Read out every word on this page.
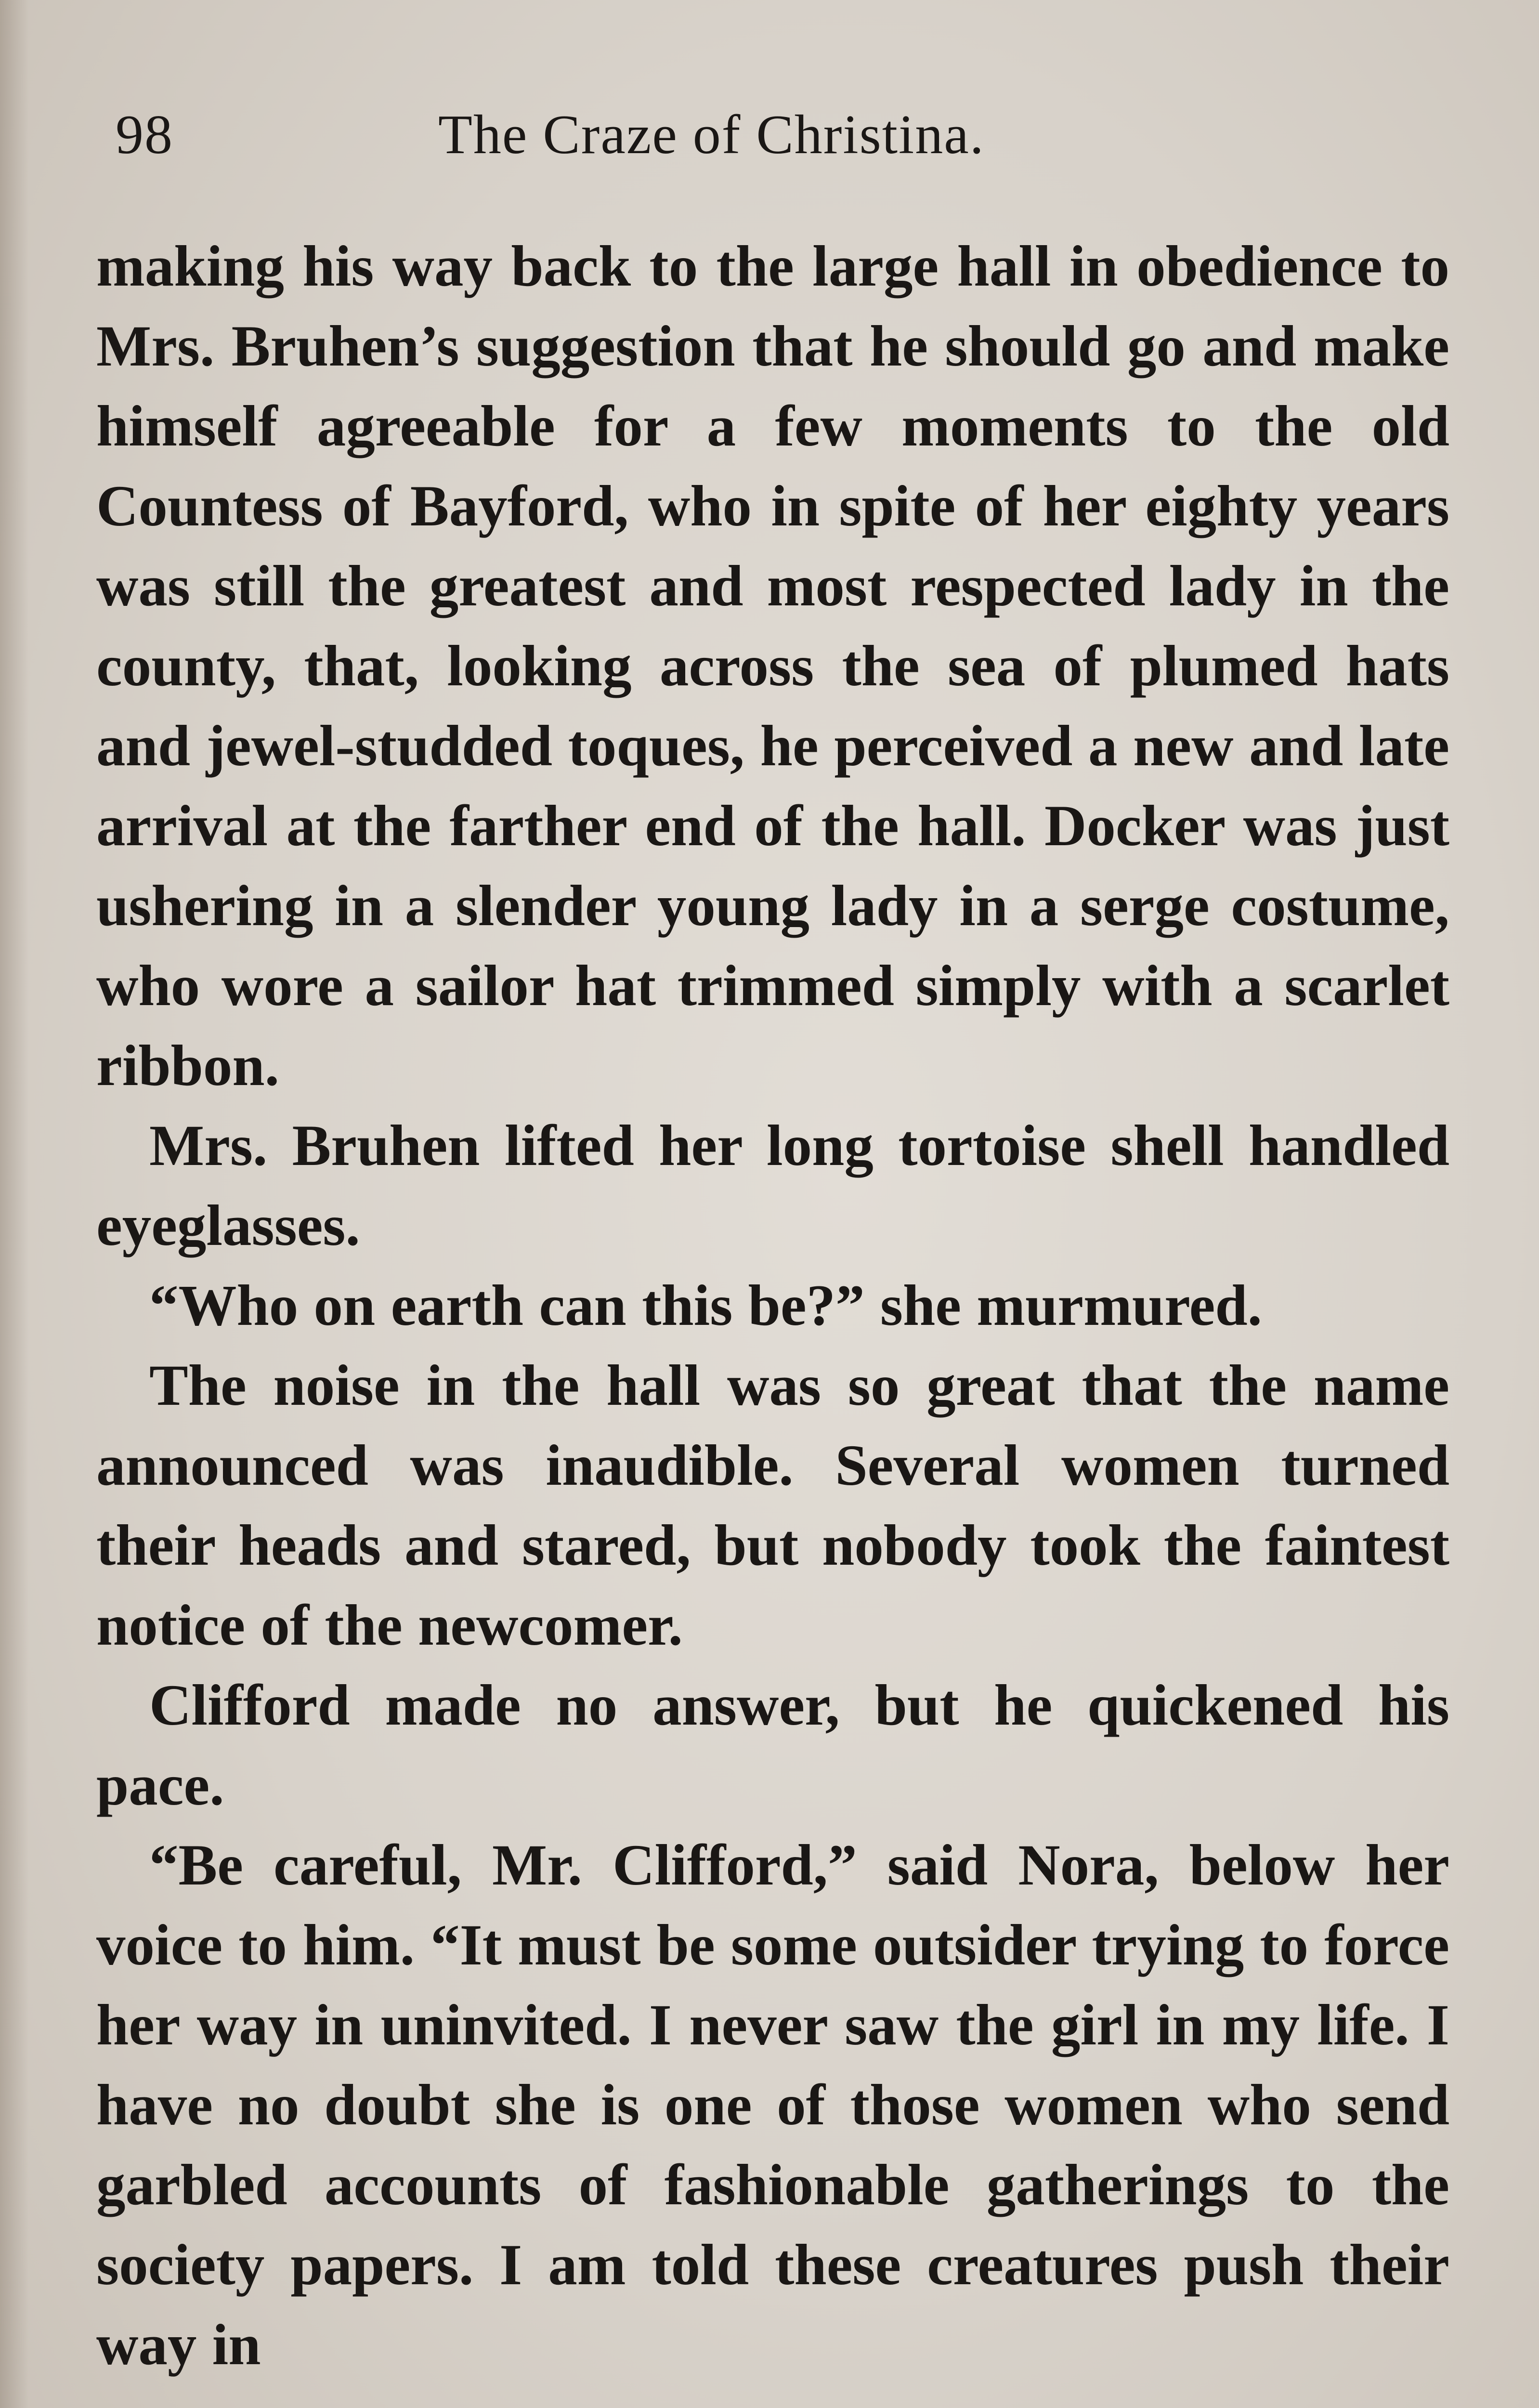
98	The Craze of Christina.

making his way back to the large hall in obedience to Mrs. Bruhen’s suggestion that he should go and make himself agreeable for a few moments to the old Countess of Bayford, who in spite of her eighty years was still the greatest and most respected lady in the county, that, looking across the sea of plumed hats and jewel-studded toques, he perceived a new and late arrival at the farther end of the hall. Docker was just ushering in a slender young lady in a serge costume, who wore a sailor hat trimmed simply with a scarlet ribbon.

Mrs. Bruhen lifted her long tortoise shell handled eyeglasses.

“Who on earth can this be?” she murmured.

The noise in the hall was so great that the name announced was inaudible. Several women turned their heads and stared, but nobody took the faintest notice of the newcomer.

Clifford made no answer, but he quickened his pace.

“Be careful, Mr. Clifford,” said Nora, below her voice to him. “It must be some outsider trying to force her way in uninvited. I never saw the girl in my life. I have no doubt she is one of those women who send garbled accounts of fashionable gatherings to the society papers. I am told these creatures push their way in
